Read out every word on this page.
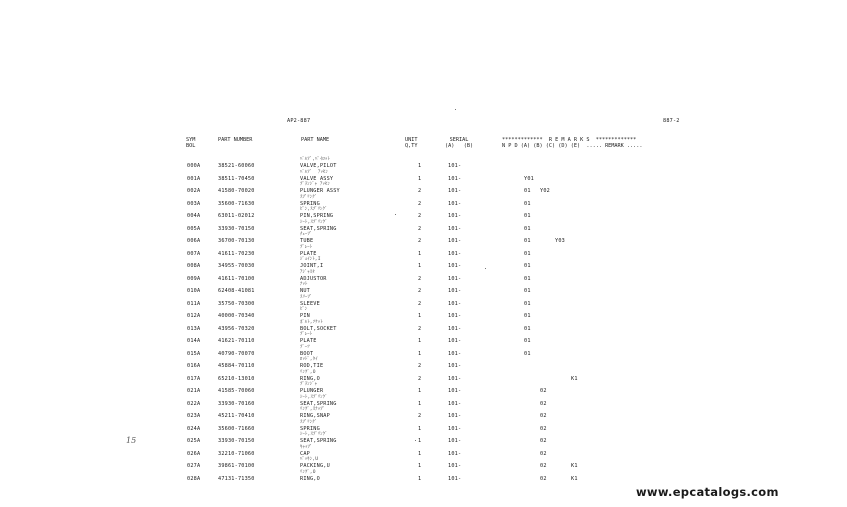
AP2-887	887-2
SYM
BOL
PART NUMBER	PART NAME	UNIT
Q,TY
SERIAL
(A)   (B)
*************  R E M A R K S  *************
N P D (A) (B) (C) (D) (E)  ..... REMARK .....
ﾊﾞﾙﾌﾞ,ﾊﾟｲﾛｯﾄ
000A	38521-60060	VALVE,PILOT	1	101-
ﾊﾞﾙﾌﾞ  ｱｯｾﾝ
001A	38511-70450	VALVE ASSY	1	101-	Y01
ﾌﾟﾗﾝｼﾞｬ ｱｯｾﾝ
002A	41580-70020	PLUNGER ASSY	2	101-	01 Y02
ｽﾌﾟﾘﾝｸﾞ
003A	35600-71630	SPRING	2	101-	01
ﾋﾟﾝ,ｽﾌﾟﾘﾝｸﾞ
004A	63011-02012	PIN,SPRING	2	101-	01
ｼｰﾄ,ｽﾌﾟﾘﾝｸﾞ
005A	33930-70150	SEAT,SPRING	2	101-	01
ﾁｭｰﾌﾞ
006A	36700-70130	TUBE	2	101-	01	Y03
ﾌﾟﾚｰﾄ
007A	41611-70230	PLATE	1	101-	01
ｼﾞｮｲﾝﾄ,I
008A	34955-70030	JOINT,I	1	101-	01
ｱｼﾞｬｽﾀ
009A	41611-70100	ADJUSTOR	2	101-	01
ﾅｯﾄ
010A	62408-41081	NUT	2	101-	01
ｽﾘｰﾌﾞ
011A	35750-70300	SLEEVE	2	101-	01
ﾋﾟﾝ
012A	40000-70340	PIN	1	101-	01
ﾎﾞﾙﾄ,ｿｹｯﾄ
013A	43956-70320	BOLT,SOCKET	2	101-	01
ﾌﾟﾚｰﾄ
014A	41621-70110	PLATE	1	101-	01
ﾌﾞｰﾂ
015A	40790-70070	BOOT	1	101-	01
ﾛｯﾄﾞ,ﾀｲ
016A	45884-70110	ROD,TIE	2	101-
ﾘﾝｸﾞ,O
017A	65210-13010	RING,O	2	101-	K1
ﾌﾟﾗﾝｼﾞｬ
021A	41585-70060	PLUNGER	1	101-	02
ｼｰﾄ,ｽﾌﾟﾘﾝｸﾞ
022A	33930-70160	SEAT,SPRING	1	101-	02
ﾘﾝｸﾞ,ｽﾅｯﾌﾟ
023A	45211-70410	RING,SNAP	2	101-	02
ｽﾌﾟﾘﾝｸﾞ
024A	35600-71660	SPRING	1	101-	02
ｼｰﾄ,ｽﾌﾟﾘﾝｸﾞ
025A	33930-70150	SEAT,SPRING	1	101-	02
ｷｬｯﾌﾟ
026A	32210-71060	CAP	1	101-	02
ﾊﾟｯｷﾝ,U
027A	39861-70100	PACKING,U	1	101-	02	K1
ﾘﾝｸﾞ,O
028A	47131-71350	RING,O	1	101-	02	K1
15
www.epcatalogs.com
